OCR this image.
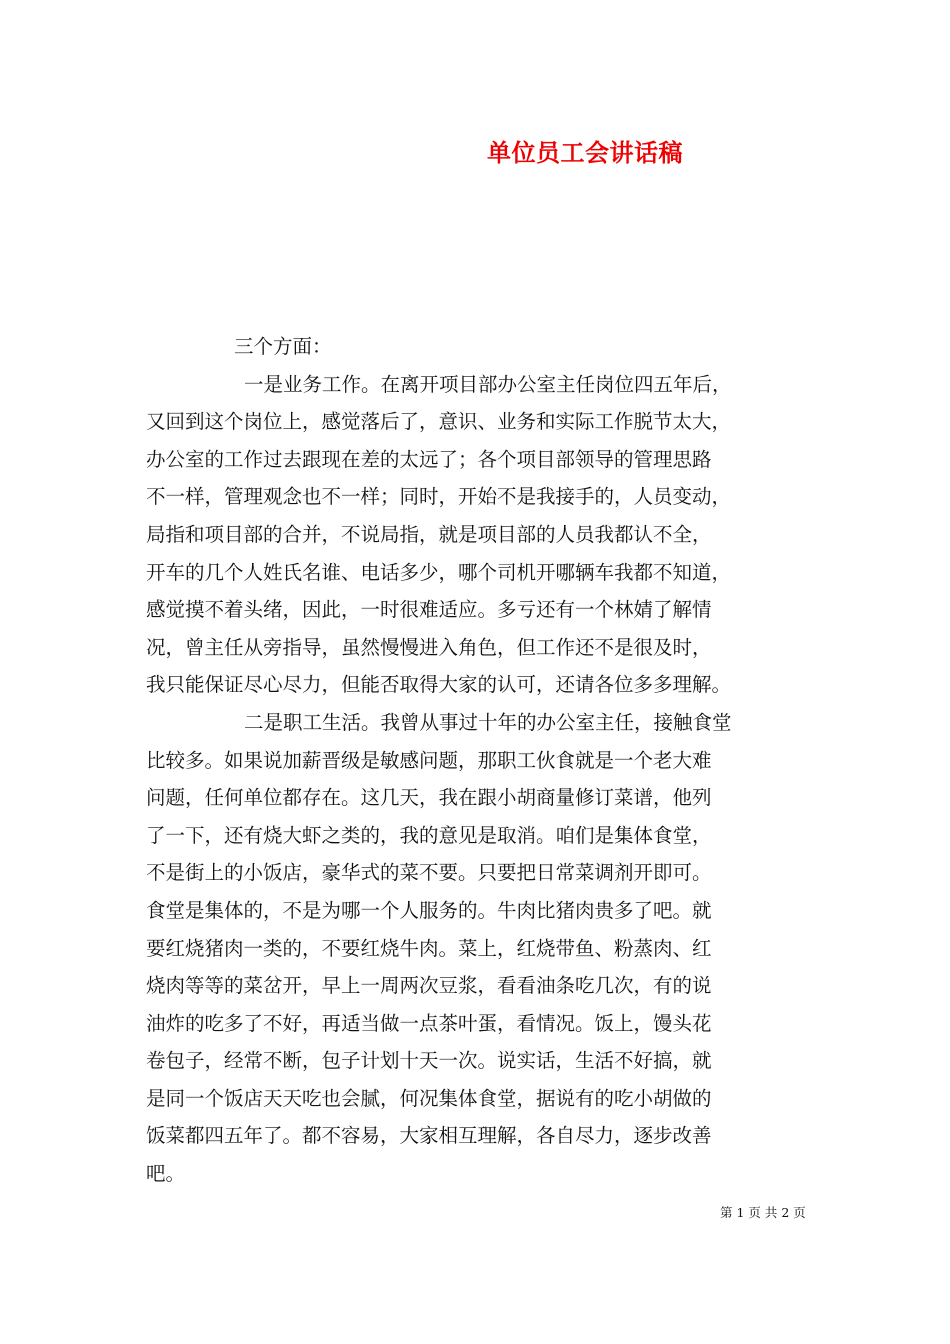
单位员工会讲话稿
三个方面：
一是业务工作。在离开项目部办公室主任岗位四五年后，
又回到这个岗位上，感觉落后了，意识、业务和实际工作脱节太大，
办公室的工作过去跟现在差的太远了；各个项目部领导的管理思路
不一样，管理观念也不一样；同时，开始不是我接手的，人员变动，
局指和项目部的合并，不说局指，就是项目部的人员我都认不全，
开车的几个人姓氏名谁、电话多少，哪个司机开哪辆车我都不知道，
感觉摸不着头绪，因此，一时很难适应。多亏还有一个林婧了解情
况，曾主任从旁指导，虽然慢慢进入角色，但工作还不是很及时，
我只能保证尽心尽力，但能否取得大家的认可，还请各位多多理解。
二是职工生活。我曾从事过十年的办公室主任，接触食堂
比较多。如果说加薪晋级是敏感问题，那职工伙食就是一个老大难
问题，任何单位都存在。这几天，我在跟小胡商量修订菜谱，他列
了一下，还有烧大虾之类的，我的意见是取消。咱们是集体食堂，
不是街上的小饭店，豪华式的菜不要。只要把日常菜调剂开即可。
食堂是集体的，不是为哪一个人服务的。牛肉比猪肉贵多了吧。就
要红烧猪肉一类的，不要红烧牛肉。菜上，红烧带鱼、粉蒸肉、红
烧肉等等的菜岔开，早上一周两次豆浆，看看油条吃几次，有的说
油炸的吃多了不好，再适当做一点茶叶蛋，看情况。饭上，馒头花
卷包子，经常不断，包子计划十天一次。说实话，生活不好搞，就
是同一个饭店天天吃也会腻，何况集体食堂，据说有的吃小胡做的
饭菜都四五年了。都不容易，大家相互理解，各自尽力，逐步改善
吧。
第 1 页 共 2 页
